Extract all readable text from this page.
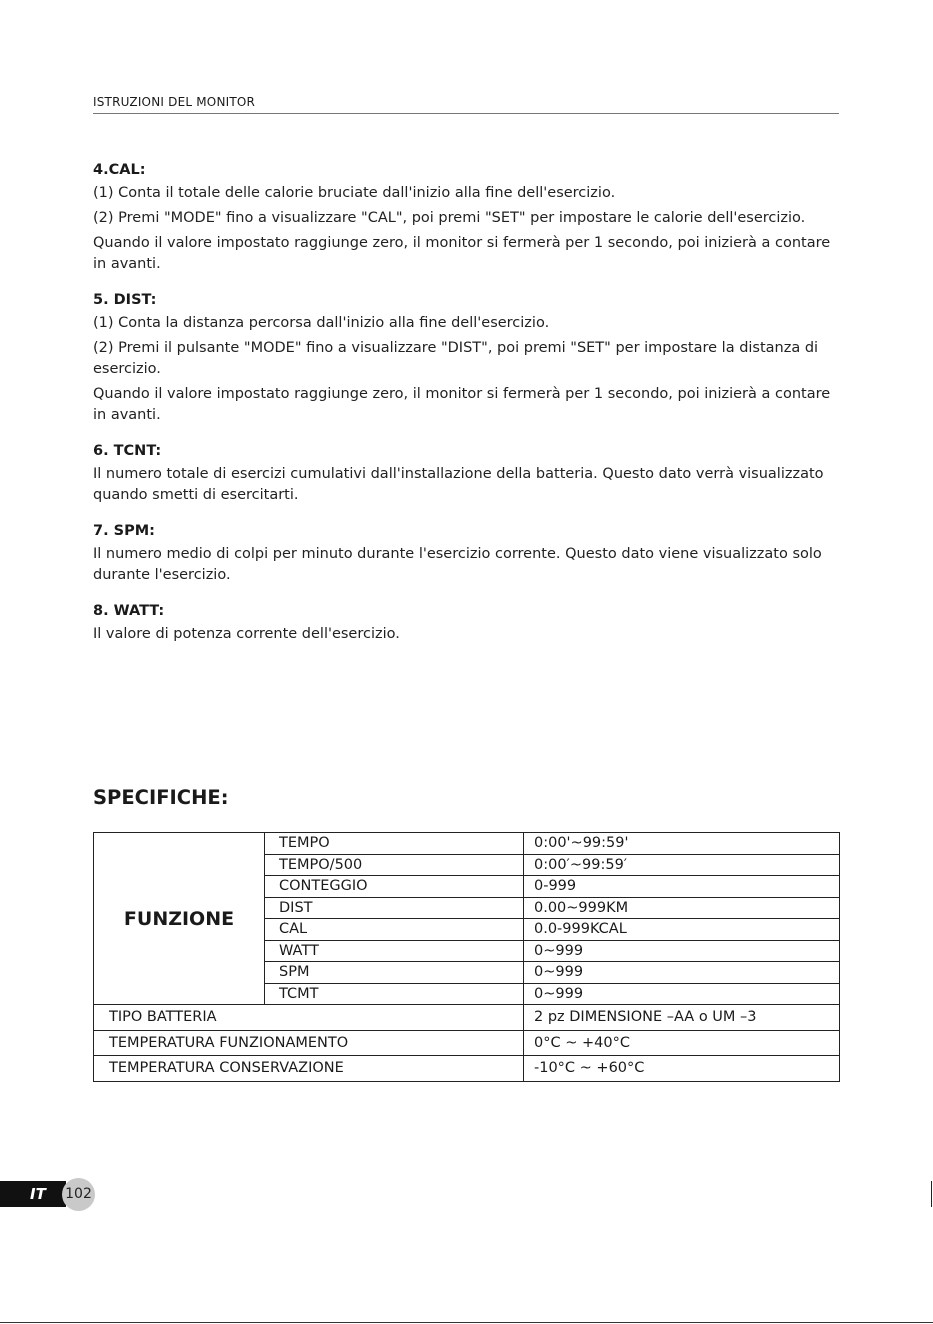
ISTRUZIONI DEL MONITOR
4.CAL:

(1) Conta il totale delle calorie bruciate dall'inizio alla fine dell'esercizio.

(2) Premi "MODE" fino a visualizzare "CAL", poi premi "SET" per impostare le calorie dell'esercizio.

Quando il valore impostato raggiunge zero, il monitor si fermerà per 1 secondo, poi inizierà a contare in avanti.

5. DIST:

(1) Conta la distanza percorsa dall'inizio alla fine dell'esercizio.

(2) Premi il pulsante "MODE" fino a visualizzare "DIST", poi premi "SET" per impostare la distanza di esercizio.

Quando il valore impostato raggiunge zero, il monitor si fermerà per 1 secondo, poi inizierà a contare in avanti.

6. TCNT:

Il numero totale di esercizi cumulativi dall'installazione della batteria. Questo dato verrà visualizzato quando smetti di esercitarti.

7. SPM:

Il numero medio di colpi per minuto durante l'esercizio corrente. Questo dato viene visualizzato solo durante l'esercizio.

8. WATT:

Il valore di potenza corrente dell'esercizio.

SPECIFICHE:
FUNZIONE	TEMPO	0:00'~99:59'
	TEMPO/500	0:00′~99:59′
	CONTEGGIO	0-999
	DIST	0.00~999KM
	CAL	0.0-999KCAL
	WATT	0~999
	SPM	0~999
	TCMT	0~999
TIPO BATTERIA		2 pz DIMENSIONE –AA o UM –3
TEMPERATURA FUNZIONAMENTO		0°C ~ +40°C
TEMPERATURA CONSERVAZIONE		-10°C ~ +60°C
IT	102
